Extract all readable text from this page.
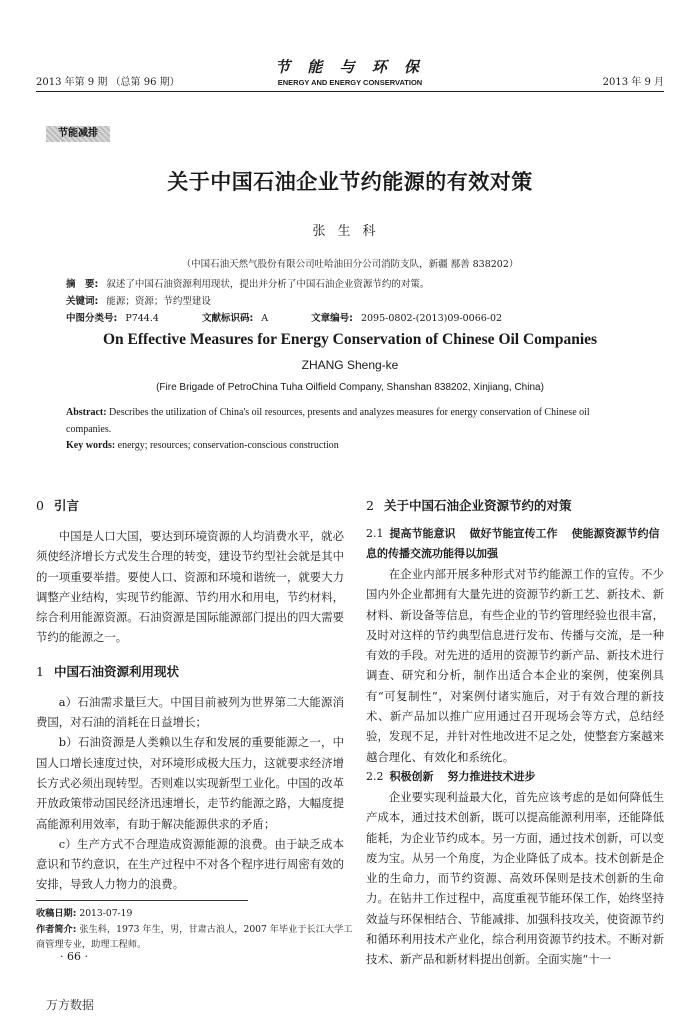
2013 年第 9 期 （总第 96 期）
节 能 与 环 保
ENERGY AND ENERGY CONSERVATION	2013 年 9 月
节能减排
关于中国石油企业节约能源的有效对策
张生科
（中国石油天然气股份有限公司吐哈油田分公司消防支队，新疆 鄯善 838202）
摘　要: 叙述了中国石油资源利用现状，提出并分析了中国石油企业资源节约的对策。
关键词: 能源；资源；节约型建设
中图分类号: P744.4	文献标识码: A	文章编号: 2095-0802-(2013)09-0066-02
On Effective Measures for Energy Conservation of Chinese Oil Companies
ZHANG Sheng-ke
(Fire Brigade of PetroChina Tuha Oilfield Company, Shanshan 838202, Xinjiang, China)
Abstract: Describes the utilization of China's oil resources, presents and analyzes measures for energy conservation of Chinese oil companies.
Key words: energy; resources; conservation-conscious construction
0 引言
中国是人口大国，要达到环境资源的人均消费水平，就必须使经济增长方式发生合理的转变，建设节约型社会就是其中的一项重要举措。要使人口、资源和环境和谐统一，就要大力调整产业结构，实现节约能源、节约用水和用电，节约材料，综合利用能源资源。石油资源是国际能源部门提出的四大需要节约的能源之一。
1 中国石油资源利用现状
a）石油需求量巨大。中国目前被列为世界第二大能源消费国，对石油的消耗在日益增长；
b）石油资源是人类赖以生存和发展的重要能源之一，中国人口增长速度过快，对环境形成极大压力，这就要求经济增长方式必须出现转型。否则难以实现新型工业化。中国的改革开放政策带动国民经济迅速增长，走节约能源之路，大幅度提高能源利用效率，有助于解决能源供求的矛盾；
c）生产方式不合理造成资源能源的浪费。由于缺乏成本意识和节约意识，在生产过程中不对各个程序进行周密有效的安排，导致人力物力的浪费。
2 关于中国石油企业资源节约的对策
2.1 提高节能意识 做好节能宣传工作 使能源资源节约信息的传播交流功能得以加强
在企业内部开展多种形式对节约能源工作的宣传。不少国内外企业都拥有大量先进的资源节约新工艺、新技术、新材料、新设备等信息，有些企业的节约管理经验也很丰富，及时对这样的节约典型信息进行发布、传播与交流，是一种有效的手段。对先进的适用的资源节约新产品、新技术进行调查、研究和分析，制作出适合本企业的案例，使案例具有“可复制性”，对案例付诸实施后，对于有效合理的新技术、新产品加以推广应用通过召开现场会等方式，总结经验，发现不足，并针对性地改进不足之处，使整套方案越来越合理化、有效化和系统化。
2.2 积极创新 努力推进技术进步
企业要实现利益最大化，首先应该考虑的是如何降低生产成本，通过技术创新，既可以提高能源利用率，还能降低能耗，为企业节约成本。另一方面，通过技术创新，可以变废为宝。从另一个角度，为企业降低了成本。技术创新是企业的生命力，而节约资源、高效环保则是技术创新的生命力。在钻井工作过程中，高度重视节能环保工作，始终坚持效益与环保相结合、节能减排、加强科技攻关，使资源节约和循环利用技术产业化，综合利用资源节约技术。不断对新技术、新产品和新材料提出创新。全面实施“十一
收稿日期: 2013-07-19
作者简介: 张生科，1973 年生，男，甘肃古浪人，2007 年毕业于长江大学工商管理专业，助理工程师。
· 66 ·
万方数据
